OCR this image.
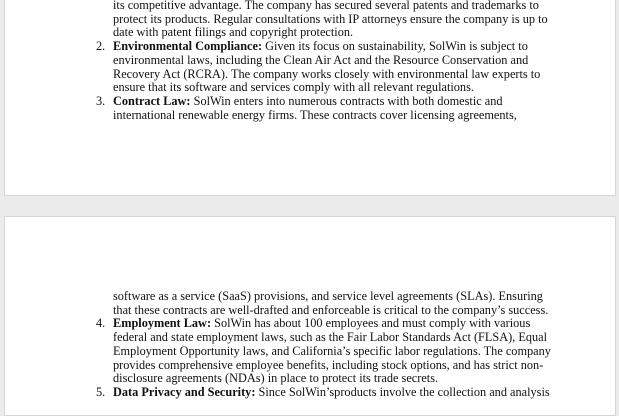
its competitive advantage. The company has secured several patents and trademarks to protect its products. Regular consultations with IP attorneys ensure the company is up to date with patent filings and copyright protection.

2. Environmental Compliance: Given its focus on sustainability, SolWin is subject to environmental laws, including the Clean Air Act and the Resource Conservation and Recovery Act (RCRA). The company works closely with environmental law experts to ensure that its software and services comply with all relevant regulations.

3. Contract Law: SolWin enters into numerous contracts with both domestic and international renewable energy firms. These contracts cover licensing agreements,

software as a service (SaaS) provisions, and service level agreements (SLAs). Ensuring that these contracts are well-drafted and enforceable is critical to the company’s success.

4. Employment Law: SolWin has about 100 employees and must comply with various federal and state employment laws, such as the Fair Labor Standards Act (FLSA), Equal Employment Opportunity laws, and California’s specific labor regulations. The company provides comprehensive employee benefits, including stock options, and has strict non-disclosure agreements (NDAs) in place to protect its trade secrets.

5. Data Privacy and Security: Since SolWin’sproducts involve the collection and analysis
